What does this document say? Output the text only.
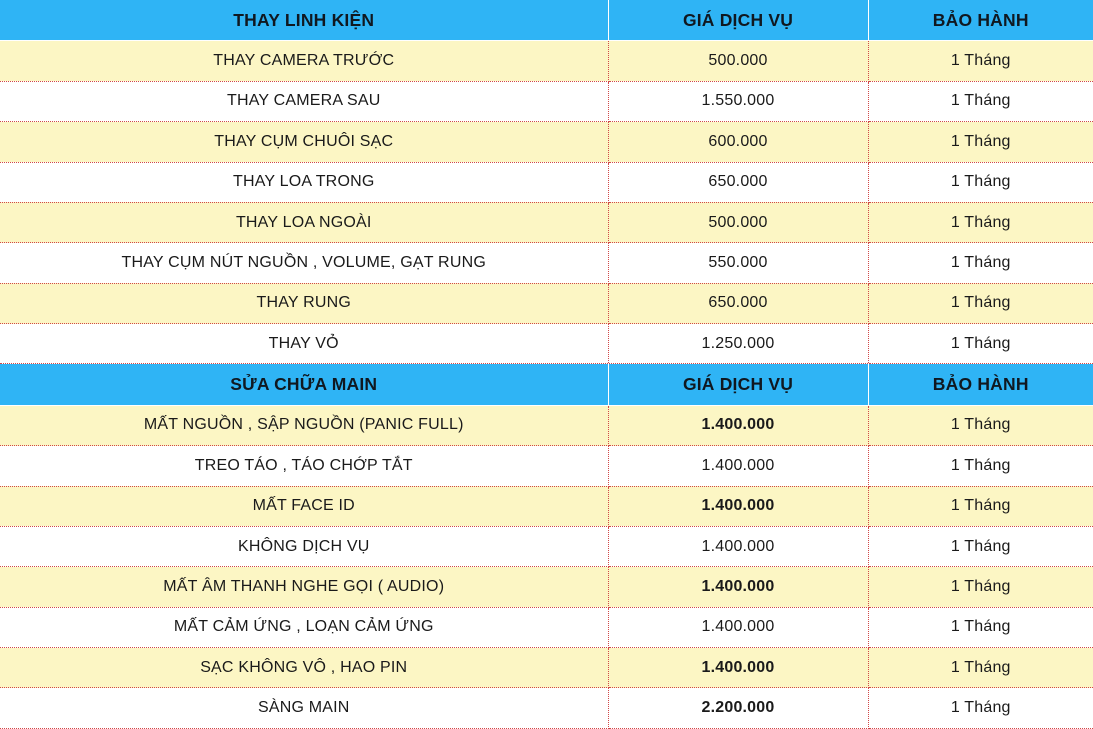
THAY LINH KIỆN	GIÁ DỊCH VỤ	BẢO HÀNH
THAY CAMERA TRƯỚC	500.000	1 Tháng
THAY CAMERA SAU	1.550.000	1 Tháng
THAY CỤM CHUÔI SẠC	600.000	1 Tháng
THAY LOA TRONG	650.000	1 Tháng
THAY LOA NGOÀI	500.000	1 Tháng
THAY CỤM NÚT NGUỒN , VOLUME, GẠT RUNG	550.000	1 Tháng
THAY RUNG	650.000	1 Tháng
THAY VỎ	1.250.000	1 Tháng
SỬA CHỮA MAIN	GIÁ DỊCH VỤ	BẢO HÀNH
MẤT NGUỒN , SẬP NGUỒN (PANIC FULL)	1.400.000	1 Tháng
TREO TÁO , TÁO CHỚP TẮT	1.400.000	1 Tháng
MẤT FACE ID	1.400.000	1 Tháng
KHÔNG DỊCH VỤ	1.400.000	1 Tháng
MẤT ÂM THANH NGHE GỌI ( AUDIO)	1.400.000	1 Tháng
MẤT CẢM ỨNG , LOẠN CẢM ỨNG	1.400.000	1 Tháng
SẠC KHÔNG VÔ , HAO PIN	1.400.000	1 Tháng
SÀNG MAIN	2.200.000	1 Tháng
